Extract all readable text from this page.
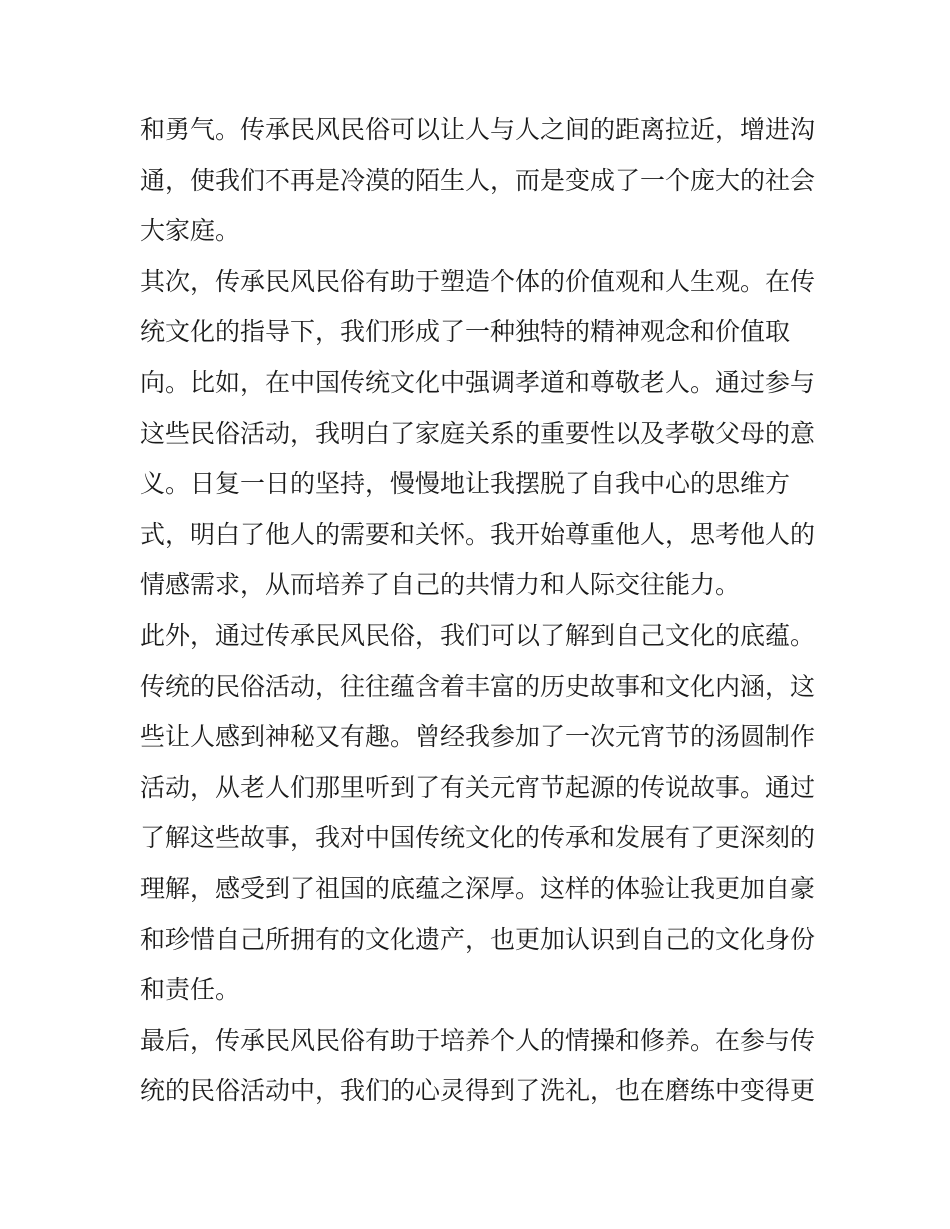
和勇气。传承民风民俗可以让人与人之间的距离拉近，增进沟
通，使我们不再是冷漠的陌生人，而是变成了一个庞大的社会
大家庭。
其次，传承民风民俗有助于塑造个体的价值观和人生观。在传
统文化的指导下，我们形成了一种独特的精神观念和价值取
向。比如，在中国传统文化中强调孝道和尊敬老人。通过参与
这些民俗活动，我明白了家庭关系的重要性以及孝敬父母的意
义。日复一日的坚持，慢慢地让我摆脱了自我中心的思维方
式，明白了他人的需要和关怀。我开始尊重他人，思考他人的
情感需求，从而培养了自己的共情力和人际交往能力。
此外，通过传承民风民俗，我们可以了解到自己文化的底蕴。
传统的民俗活动，往往蕴含着丰富的历史故事和文化内涵，这
些让人感到神秘又有趣。曾经我参加了一次元宵节的汤圆制作
活动，从老人们那里听到了有关元宵节起源的传说故事。通过
了解这些故事，我对中国传统文化的传承和发展有了更深刻的
理解，感受到了祖国的底蕴之深厚。这样的体验让我更加自豪
和珍惜自己所拥有的文化遗产，也更加认识到自己的文化身份
和责任。
最后，传承民风民俗有助于培养个人的情操和修养。在参与传
统的民俗活动中，我们的心灵得到了洗礼，也在磨练中变得更
